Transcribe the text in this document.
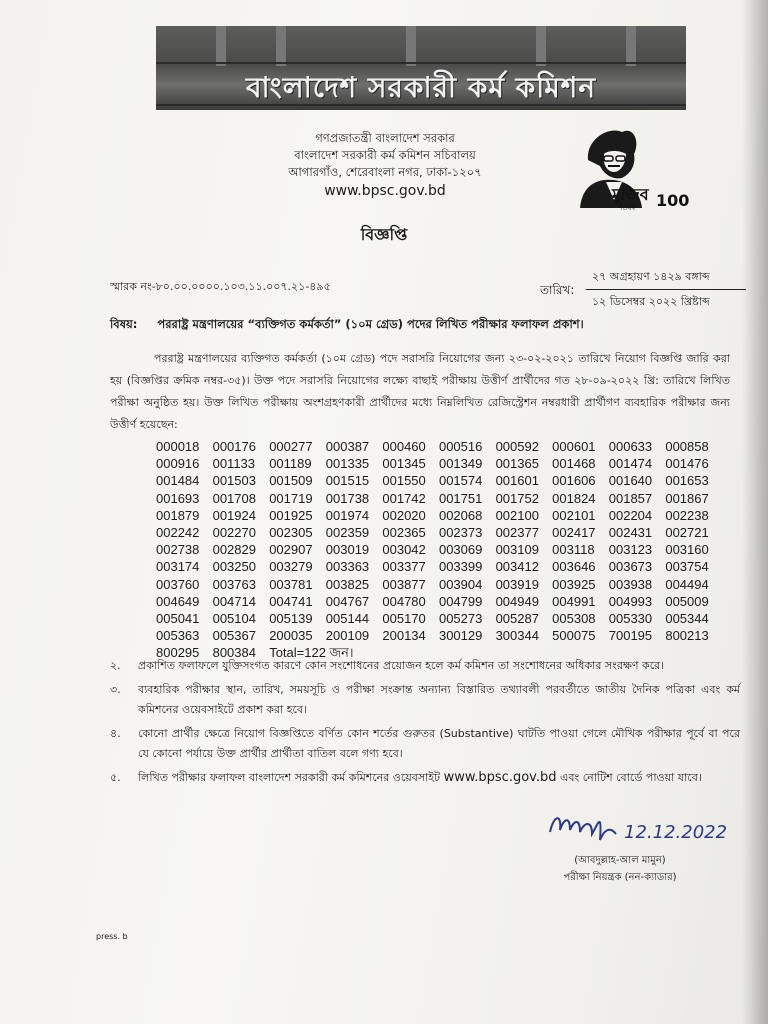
বাংলাদেশ সরকারী কর্ম কমিশন
গণপ্রজাতন্ত্রী বাংলাদেশ সরকার
বাংলাদেশ সরকারী কর্ম কমিশন সচিবালয়
আগারগাঁও, শেরেবাংলা নগর, ঢাকা-১২০৭
www.bpsc.gov.bd	মুজিব
শতবর্ষ 100
বিজ্ঞপ্তি
স্মারক নং-৮০.০০.০০০০.১০৩.১১.০০৭.২১-৪৯৫	তারিখ:
২৭ অগ্রহায়ণ ১৪২৯ বঙ্গাব্দ
১২ ডিসেম্বর ২০২২ খ্রিষ্টাব্দ
বিষয়: পররাষ্ট্র মন্ত্রণালয়ের “ব্যক্তিগত কর্মকর্তা” (১০ম গ্রেড) পদের লিখিত পরীক্ষার ফলাফল প্রকাশ।
পররাষ্ট্র মন্ত্রণালয়ের ব্যক্তিগত কর্মকর্তা (১০ম গ্রেড) পদে সরাসরি নিয়োগের জন্য ২৩-০২-২০২১ তারিখে নিয়োগ বিজ্ঞপ্তি জারি করা হয় (বিজ্ঞপ্তির ক্রমিক নম্বর-৩৫)। উক্ত পদে সরাসরি নিয়োগের লক্ষ্যে বাছাই পরীক্ষায় উত্তীর্ণ প্রার্থীদের গত ২৮-০৯-২০২২ খ্রি: তারিখে লিখিত পরীক্ষা অনুষ্ঠিত হয়। উক্ত লিখিত পরীক্ষায় অংশগ্রহণকারী প্রার্থীদের মধ্যে নিম্নলিখিত রেজিস্ট্রেশন নম্বরধারী প্রার্থীগণ ব্যবহারিক পরীক্ষার জন্য উত্তীর্ণ হয়েছেন:
000018	000176	000277	000387	000460	000516	000592	000601	000633	000858
000916	001133	001189	001335	001345	001349	001365	001468	001474	001476
001484	001503	001509	001515	001550	001574	001601	001606	001640	001653
001693	001708	001719	001738	001742	001751	001752	001824	001857	001867
001879	001924	001925	001974	002020	002068	002100	002101	002204	002238
002242	002270	002305	002359	002365	002373	002377	002417	002431	002721
002738	002829	002907	003019	003042	003069	003109	003118	003123	003160
003174	003250	003279	003363	003377	003399	003412	003646	003673	003754
003760	003763	003781	003825	003877	003904	003919	003925	003938	004494
004649	004714	004741	004767	004780	004799	004949	004991	004993	005009
005041	005104	005139	005144	005170	005273	005287	005308	005330	005344
005363	005367	200035	200109	200134	300129	300344	500075	700195	800213
800295	800384	Total=122 জন।
২.	প্রকাশিত ফলাফলে যুক্তিসংগত কারণে কোন সংশোধনের প্রয়োজন হলে কর্ম কমিশন তা সংশোধনের অধিকার সংরক্ষণ করে।
৩.	ব্যবহারিক পরীক্ষার স্থান, তারিখ, সময়সূচি ও পরীক্ষা সংক্রান্ত অন্যান্য বিস্তারিত তথ্যাবলী পরবর্তীতে জাতীয় দৈনিক পত্রিকা এবং কর্ম কমিশনের ওয়েবসাইটে প্রকাশ করা হবে।
৪.	কোনো প্রার্থীর ক্ষেত্রে নিয়োগ বিজ্ঞপ্তিতে বর্ণিত কোন শর্তের গুরুতর (Substantive) ঘাটতি পাওয়া গেলে মৌখিক পরীক্ষার পূর্বে বা পরে যে কোনো পর্যায়ে উক্ত প্রার্থীর প্রার্থীতা বাতিল বলে গণ্য হবে।
৫.	লিখিত পরীক্ষার ফলাফল বাংলাদেশ সরকারী কর্ম কমিশনের ওয়েবসাইট www.bpsc.gov.bd এবং নোটিশ বোর্ডে পাওয়া যাবে।
12.12.2022
(আবদুল্লাহ-আল মামুন)
পরীক্ষা নিয়ন্ত্রক (নন-ক্যাডার)
press. b
